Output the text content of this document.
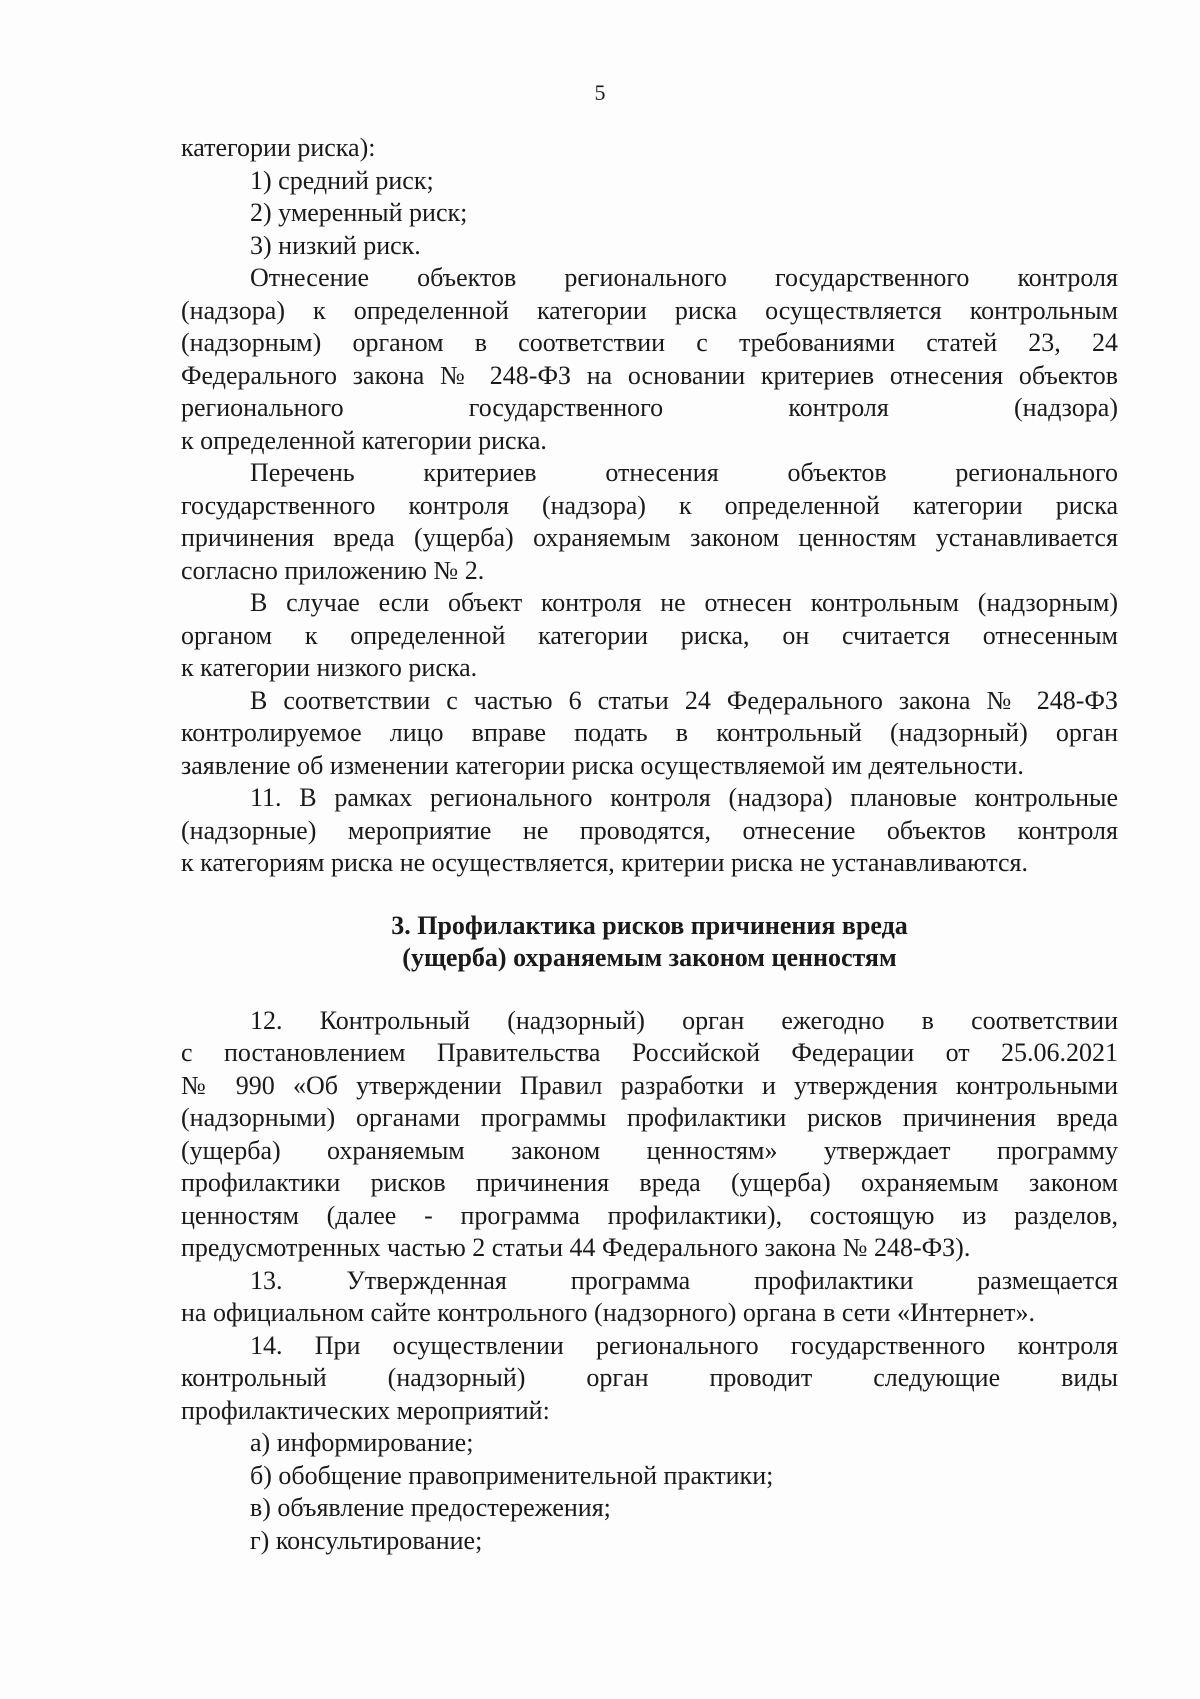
5

категории риска):

1) средний риск;

2) умеренный риск;

3) низкий риск.

Отнесение объектов регионального государственного контроля

(надзора) к определенной категории риска осуществляется контрольным

(надзорным) органом в соответствии с требованиями статей 23, 24

Федерального закона № 248-ФЗ на основании критериев отнесения объектов

регионального государственного контроля (надзора)

к определенной категории риска.

Перечень критериев отнесения объектов регионального

государственного контроля (надзора) к определенной категории риска

причинения вреда (ущерба) охраняемым законом ценностям устанавливается

согласно приложению № 2.

В случае если объект контроля не отнесен контрольным (надзорным)

органом к определенной категории риска, он считается отнесенным

к категории низкого риска.

В соответствии с частью 6 статьи 24 Федерального закона № 248-ФЗ

контролируемое лицо вправе подать в контрольный (надзорный) орган

заявление об изменении категории риска осуществляемой им деятельности.

11. В рамках регионального контроля (надзора) плановые контрольные

(надзорные) мероприятие не проводятся, отнесение объектов контроля

к категориям риска не осуществляется, критерии риска не устанавливаются.

3. Профилактика рисков причинения вреда

(ущерба) охраняемым законом ценностям

12. Контрольный (надзорный) орган ежегодно в соответствии

с постановлением Правительства Российской Федерации от 25.06.2021

№ 990 «Об утверждении Правил разработки и утверждения контрольными

(надзорными) органами программы профилактики рисков причинения вреда

(ущерба) охраняемым законом ценностям» утверждает программу

профилактики рисков причинения вреда (ущерба) охраняемым законом

ценностям (далее - программа профилактики), состоящую из разделов,

предусмотренных частью 2 статьи 44 Федерального закона № 248-ФЗ).

13. Утвержденная программа профилактики размещается

на официальном сайте контрольного (надзорного) органа в сети «Интернет».

14. При осуществлении регионального государственного контроля

контрольный (надзорный) орган проводит следующие виды

профилактических мероприятий:

а) информирование;

б) обобщение правоприменительной практики;

в) объявление предостережения;

г) консультирование;
